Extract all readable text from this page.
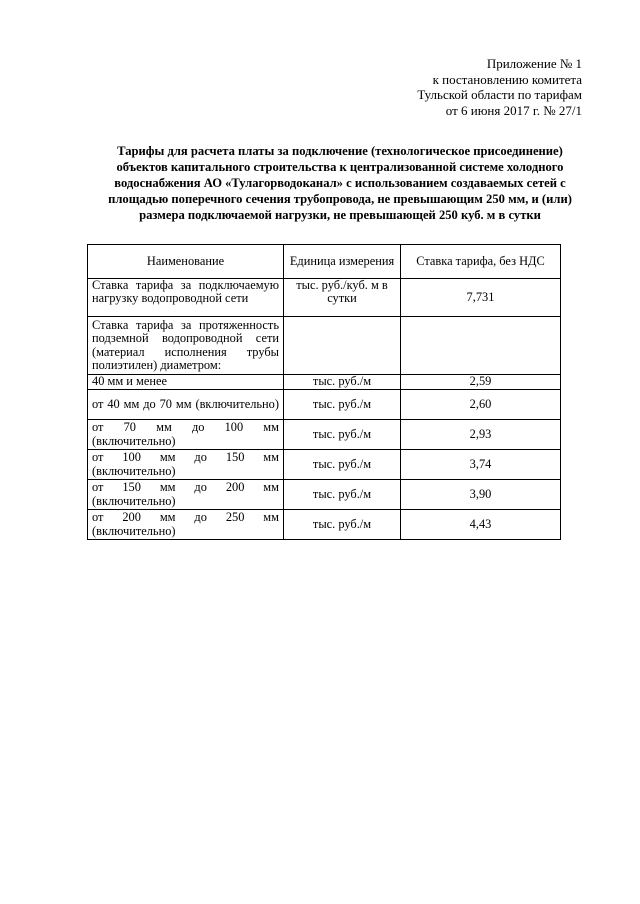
Приложение № 1
к постановлению комитета
Тульской области по тарифам
от 6 июня 2017 г. № 27/1
Тарифы для расчета платы за подключение (технологическое присоединение) объектов капитального строительства к централизованной системе холодного водоснабжения АО «Тулагорводоканал» с использованием создаваемых сетей с площадью поперечного сечения трубопровода, не превышающим 250 мм, и (или) размера подключаемой нагрузки, не превышающей 250 куб. м в сутки
Наименование	Единица измерения	Ставка тарифа, без НДС
Ставка тарифа за подключаемую нагрузку водопроводной сети	тыс. руб./куб. м в сутки	7,731
Ставка тарифа за протяженность подземной водопроводной сети (материал исполнения трубы полиэтилен) диаметром:		
40 мм и менее	тыс. руб./м	2,59
от 40 мм до 70 мм (включительно)	тыс. руб./м	2,60
от 70 мм до 100 мм (включительно)	тыс. руб./м	2,93
от 100 мм до 150 мм (включительно)	тыс. руб./м	3,74
от 150 мм до 200 мм (включительно)	тыс. руб./м	3,90
от 200 мм до 250 мм (включительно)	тыс. руб./м	4,43
